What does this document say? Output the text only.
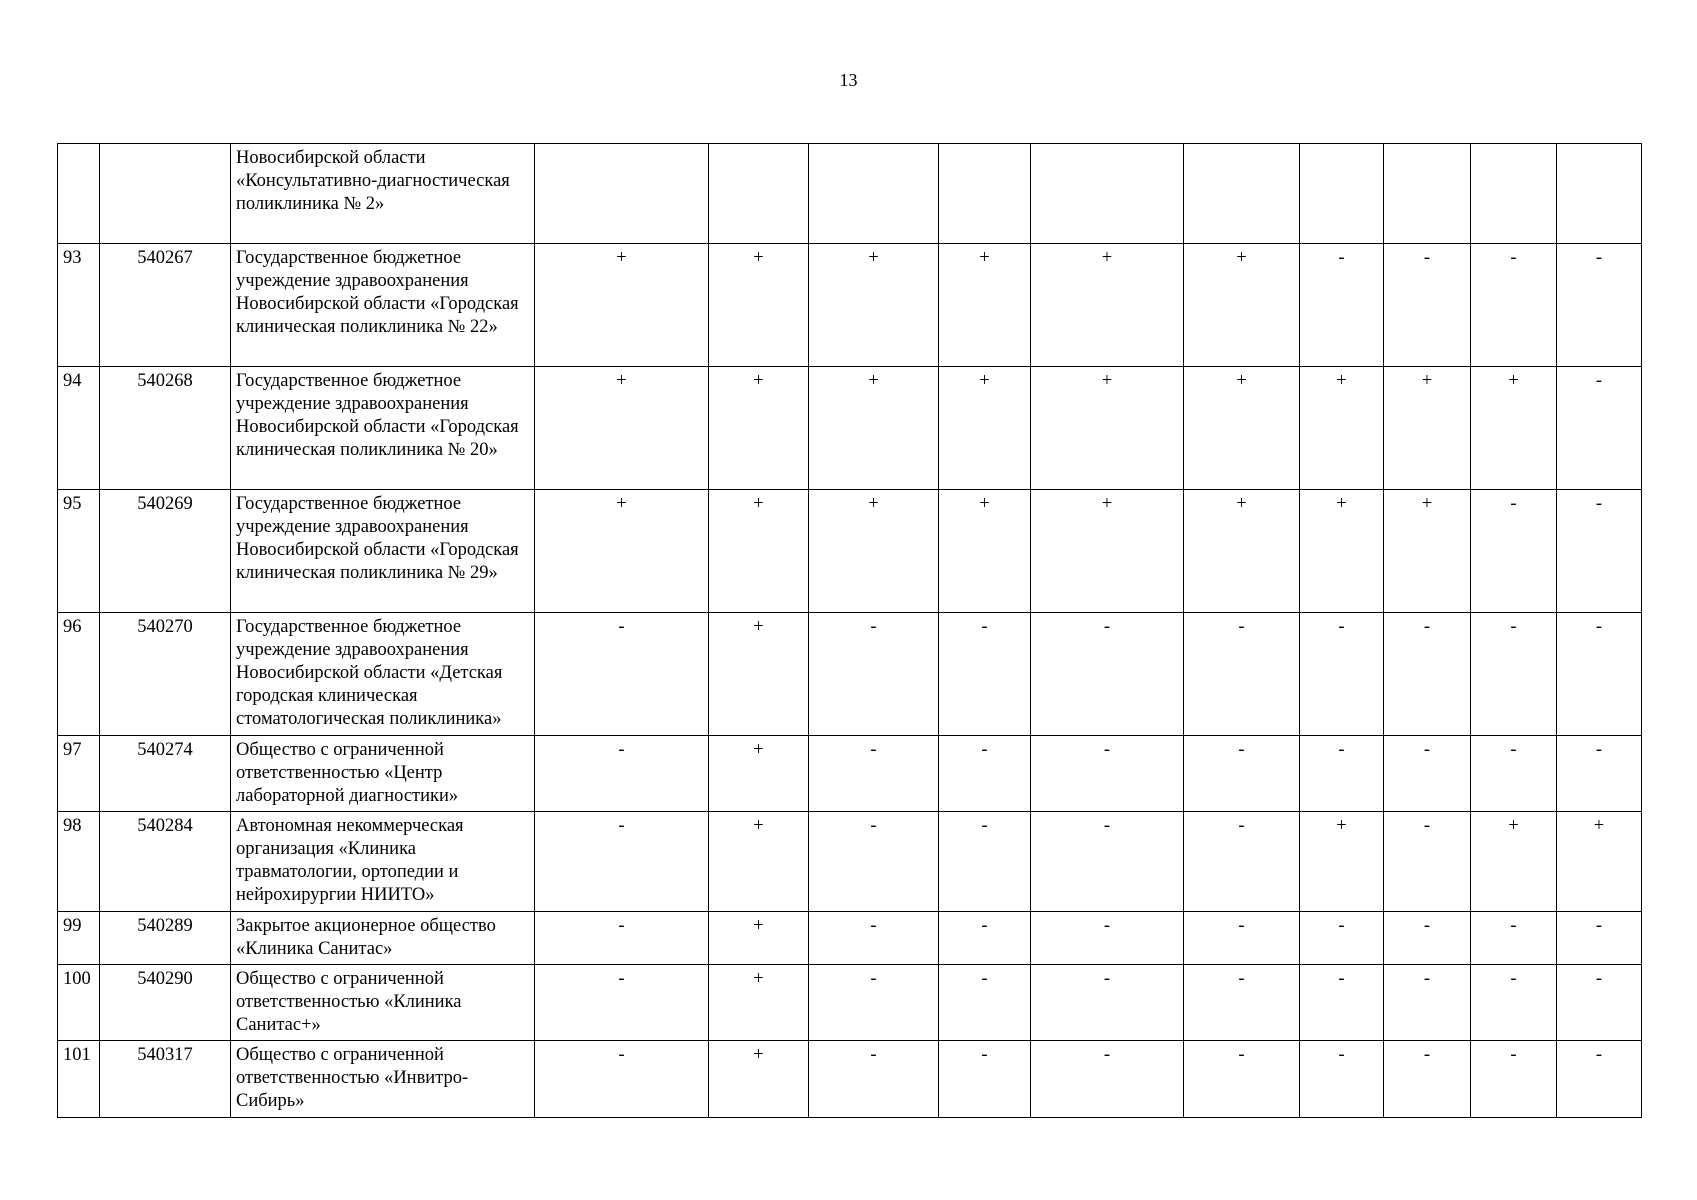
13
		Новосибирской области «Консультативно-диагностическая поликлиника № 2»										
93	540267	Государственное бюджетное учреждение здравоохранения Новосибирской области «Городская клиническая поликлиника № 22»	+	+	+	+	+	+	-	-	-	-
94	540268	Государственное бюджетное учреждение здравоохранения Новосибирской области «Городская клиническая поликлиника № 20»	+	+	+	+	+	+	+	+	+	-
95	540269	Государственное бюджетное учреждение здравоохранения Новосибирской области «Городская клиническая поликлиника № 29»	+	+	+	+	+	+	+	+	-	-
96	540270	Государственное бюджетное учреждение здравоохранения Новосибирской области «Детская городская клиническая стоматологическая поликлиника»	-	+	-	-	-	-	-	-	-	-
97	540274	Общество с ограниченной ответственностью «Центр лабораторной диагностики»	-	+	-	-	-	-	-	-	-	-
98	540284	Автономная некоммерческая организация «Клиника травматологии, ортопедии и нейрохирургии НИИТО»	-	+	-	-	-	-	+	-	+	+
99	540289	Закрытое акционерное общество «Клиника Санитас»	-	+	-	-	-	-	-	-	-	-
100	540290	Общество с ограниченной ответственностью «Клиника Санитас+»	-	+	-	-	-	-	-	-	-	-
101	540317	Общество с ограниченной ответственностью «Инвитро-Сибирь»	-	+	-	-	-	-	-	-	-	-
